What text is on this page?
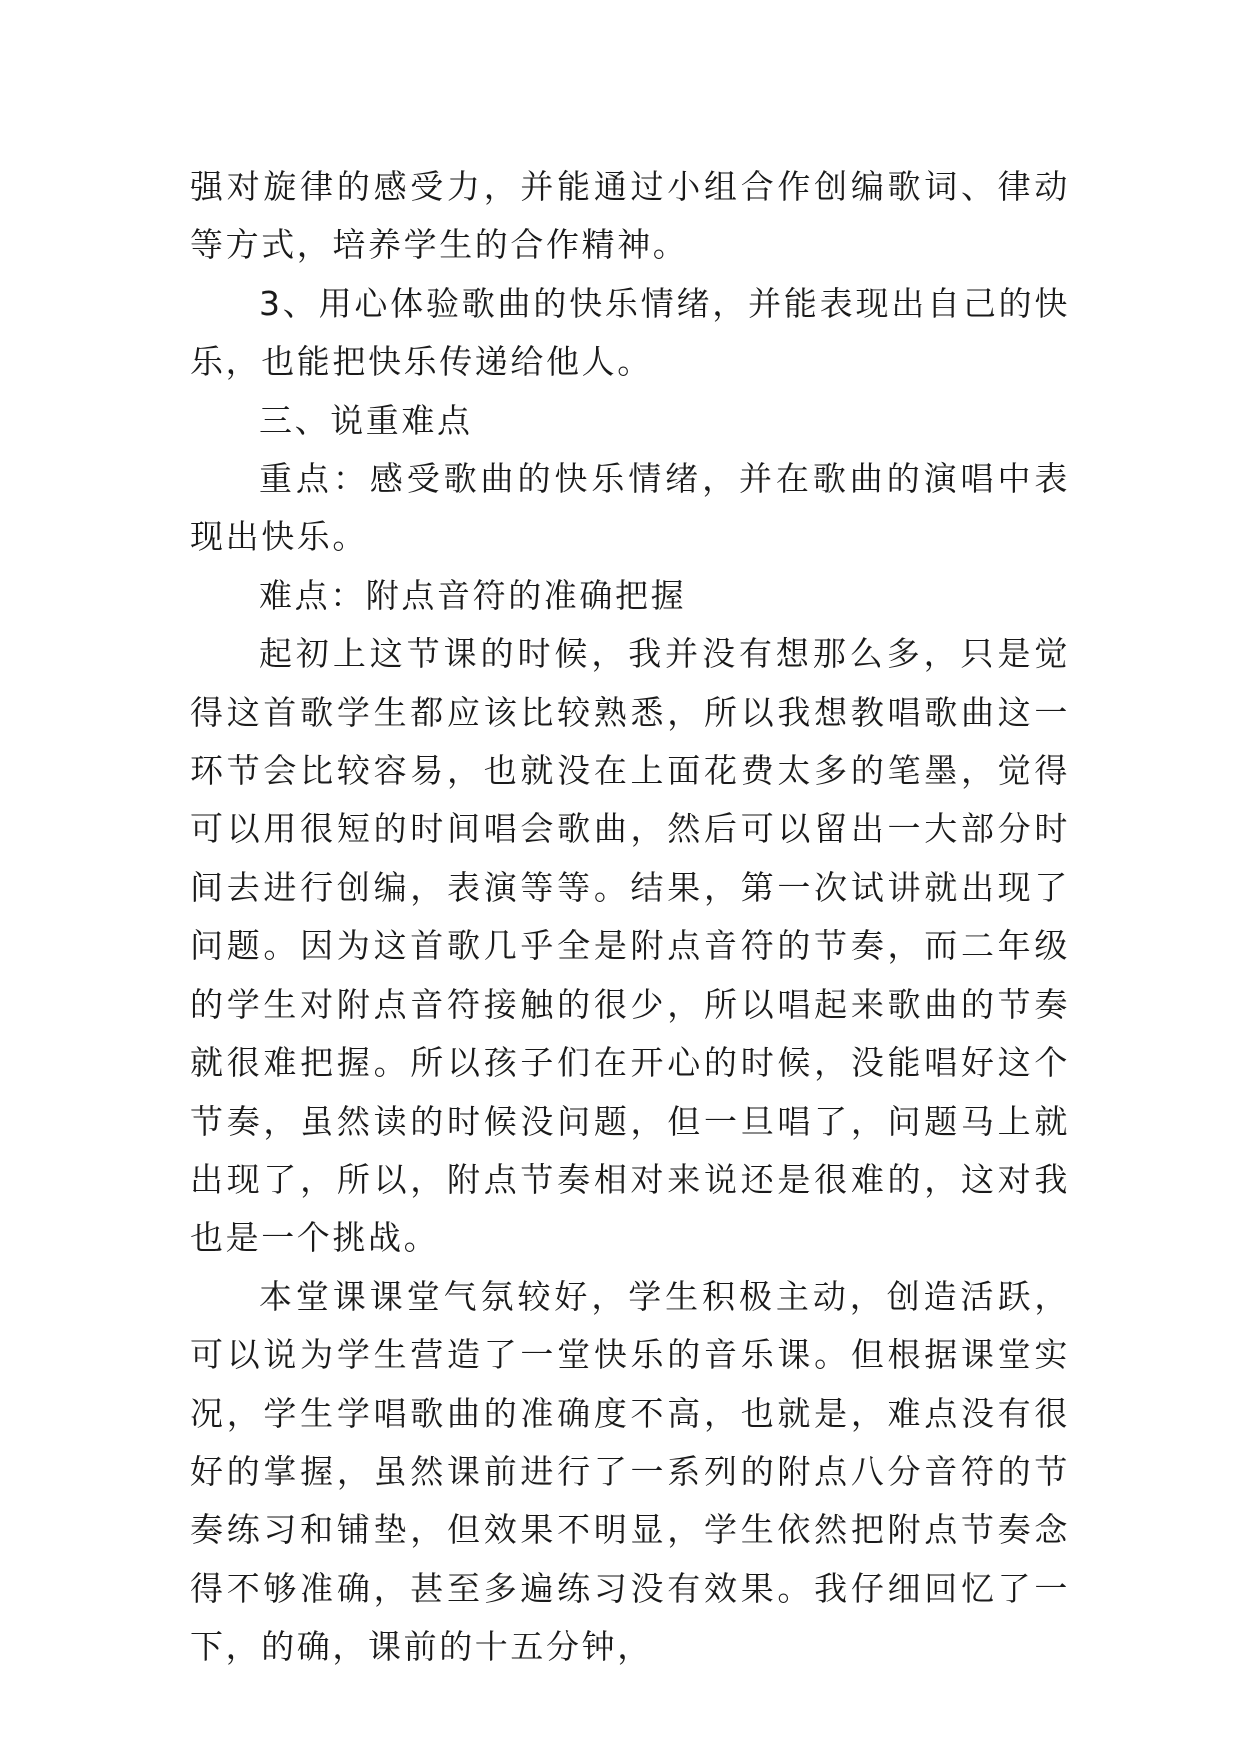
强对旋律的感受力，并能通过小组合作创编歌词、律动等方式，培养学生的合作精神。

3、用心体验歌曲的快乐情绪，并能表现出自己的快乐，也能把快乐传递给他人。

三、说重难点

重点：感受歌曲的快乐情绪，并在歌曲的演唱中表现出快乐。

难点：附点音符的准确把握

起初上这节课的时候，我并没有想那么多，只是觉得这首歌学生都应该比较熟悉，所以我想教唱歌曲这一环节会比较容易，也就没在上面花费太多的笔墨，觉得可以用很短的时间唱会歌曲，然后可以留出一大部分时间去进行创编，表演等等。结果，第一次试讲就出现了问题。因为这首歌几乎全是附点音符的节奏，而二年级的学生对附点音符接触的很少，所以唱起来歌曲的节奏就很难把握。所以孩子们在开心的时候，没能唱好这个节奏，虽然读的时候没问题，但一旦唱了，问题马上就出现了，所以，附点节奏相对来说还是很难的，这对我也是一个挑战。

本堂课课堂气氛较好，学生积极主动，创造活跃，可以说为学生营造了一堂快乐的音乐课。但根据课堂实况，学生学唱歌曲的准确度不高，也就是，难点没有很好的掌握，虽然课前进行了一系列的附点八分音符的节奏练习和铺垫，但效果不明显，学生依然把附点节奏念得不够准确，甚至多遍练习没有效果。我仔细回忆了一下，的确，课前的十五分钟，
